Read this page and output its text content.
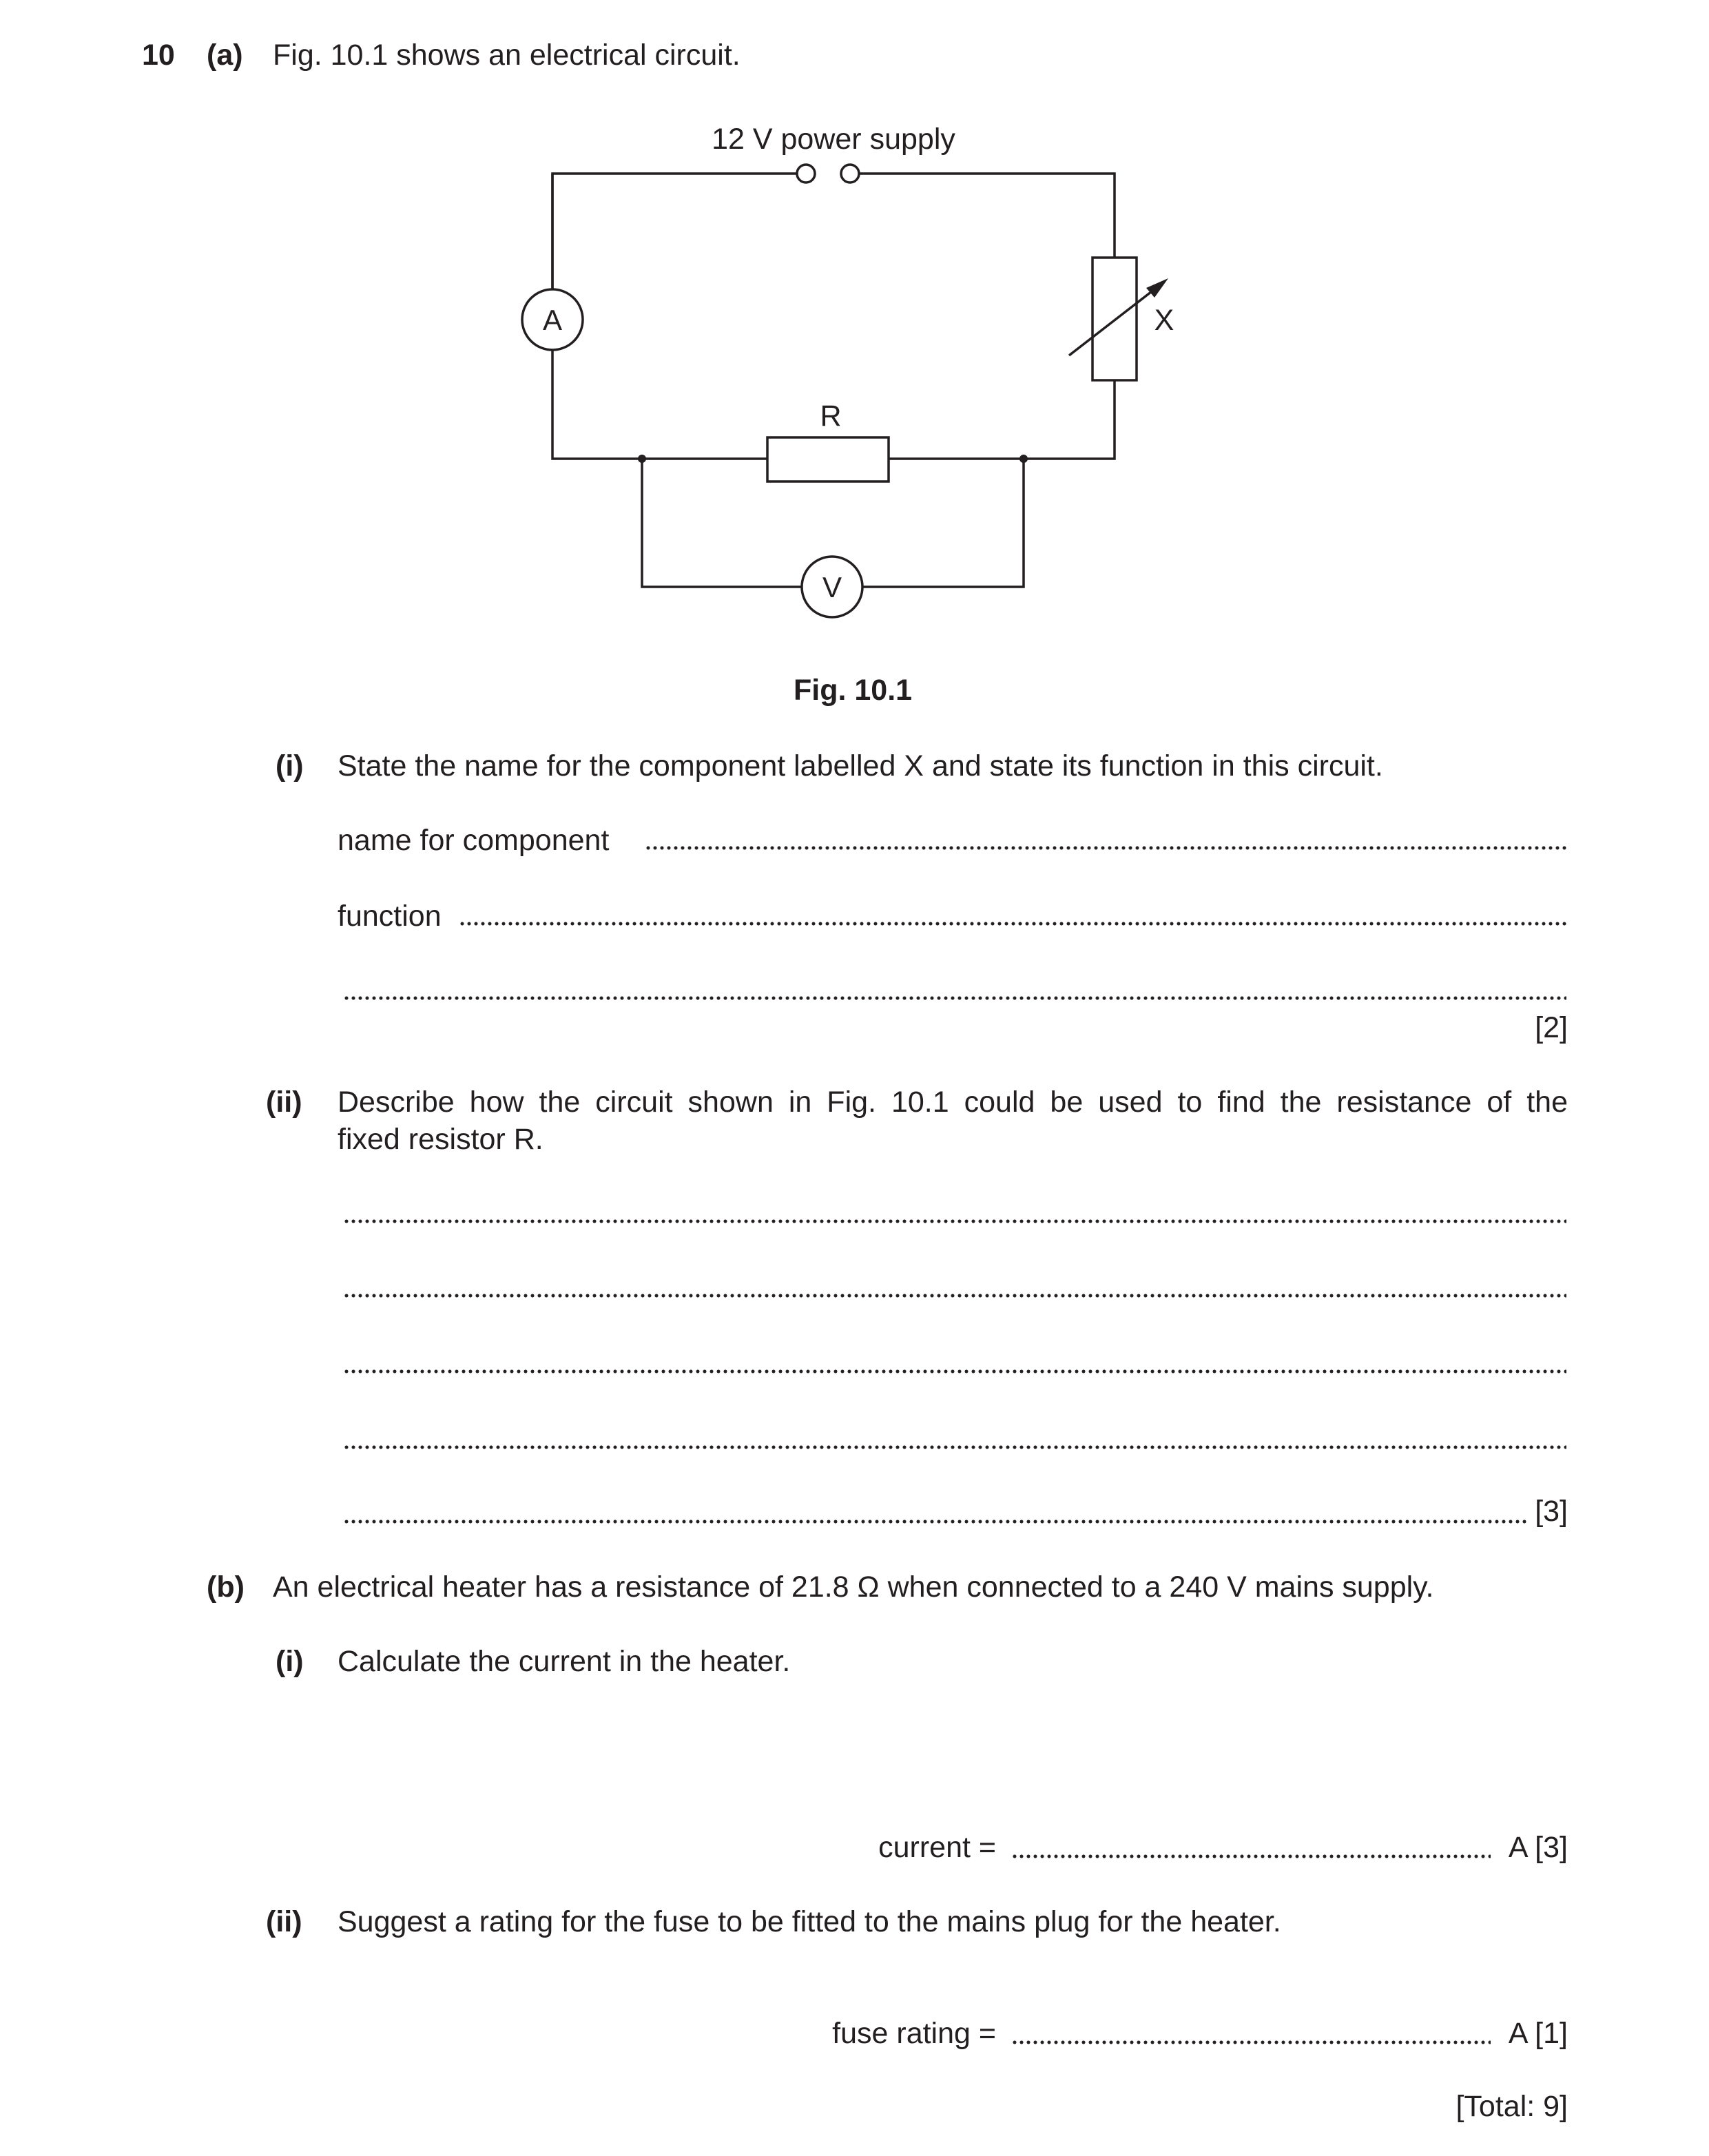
10 (a) Fig. 10.1 shows an electrical circuit.
12 V power supply
A
V
R
X
Fig. 10.1
(i) State the name for the component labelled X and state its function in this circuit.
name for component
function
[2]
(ii) Describe how the circuit shown in Fig. 10.1 could be used to find the resistance of the
fixed resistor R.
[3]
(b) An electrical heater has a resistance of 21.8 Ω when connected to a 240 V mains supply.
(i) Calculate the current in the heater.
current =	A [3]
(ii) Suggest a rating for the fuse to be fitted to the mains plug for the heater.
fuse rating =	A [1]
[Total: 9]
